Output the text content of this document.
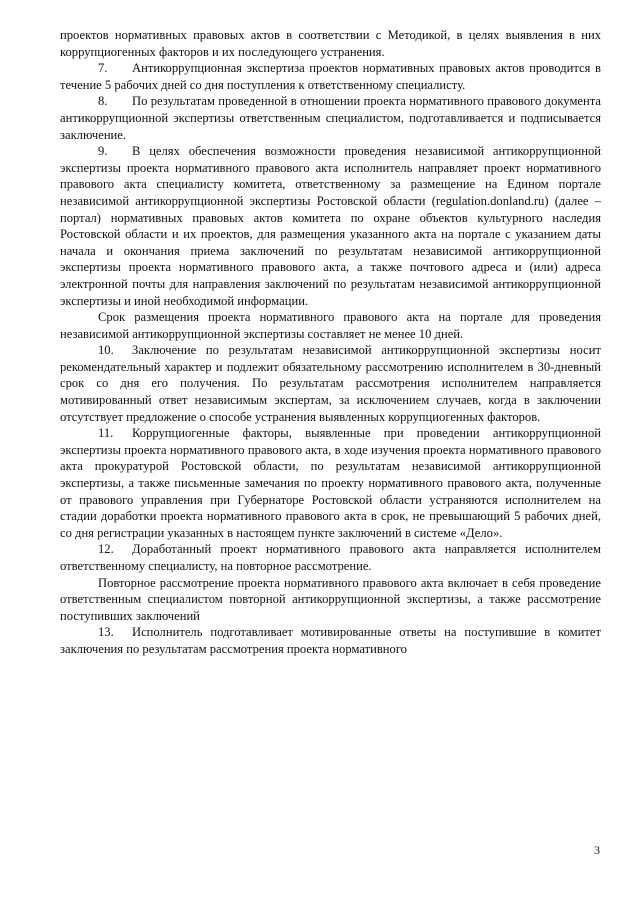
проектов нормативных правовых актов в соответствии с Методикой, в целях выявления в них коррупциогенных факторов и их последующего устранения.

7. Антикоррупционная экспертиза проектов нормативных правовых актов проводится в течение 5 рабочих дней со дня поступления к ответственному специалисту.

8. По результатам проведенной в отношении проекта нормативного правового документа антикоррупционной экспертизы ответственным специалистом, подготавливается и подписывается заключение.

9. В целях обеспечения возможности проведения независимой антикоррупционной экспертизы проекта нормативного правового акта исполнитель направляет проект нормативного правового акта специалисту комитета, ответственному за размещение на Едином портале независимой антикоррупционной экспертизы Ростовской области (regulation.donland.ru) (далее – портал) нормативных правовых актов комитета по охране объектов культурного наследия Ростовской области и их проектов, для размещения указанного акта на портале с указанием даты начала и окончания приема заключений по результатам независимой антикоррупционной экспертизы проекта нормативного правового акта, а также почтового адреса и (или) адреса электронной почты для направления заключений по результатам независимой антикоррупционной экспертизы и иной необходимой информации.

Срок размещения проекта нормативного правового акта на портале для проведения независимой антикоррупционной экспертизы составляет не менее 10 дней.

10. Заключение по результатам независимой антикоррупционной экспертизы носит рекомендательный характер и подлежит обязательному рассмотрению исполнителем в 30-дневный срок со дня его получения. По результатам рассмотрения исполнителем направляется мотивированный ответ независимым экспертам, за исключением случаев, когда в заключении отсутствует предложение о способе устранения выявленных коррупциогенных факторов.

11. Коррупциогенные факторы, выявленные при проведении антикоррупционной экспертизы проекта нормативного правового акта, в ходе изучения проекта нормативного правового акта прокуратурой Ростовской области, по результатам независимой антикоррупционной экспертизы, а также письменные замечания по проекту нормативного правового акта, полученные от правового управления при Губернаторе Ростовской области устраняются исполнителем на стадии доработки проекта нормативного правового акта в срок, не превышающий 5 рабочих дней, со дня регистрации указанных в настоящем пункте заключений в системе «Дело».

12. Доработанный проект нормативного правового акта направляется исполнителем ответственному специалисту, на повторное рассмотрение.

Повторное рассмотрение проекта нормативного правового акта включает в себя проведение ответственным специалистом повторной антикоррупционной экспертизы, а также рассмотрение поступивших заключений

13. Исполнитель подготавливает мотивированные ответы на поступившие в комитет заключения по результатам рассмотрения проекта нормативного

3
